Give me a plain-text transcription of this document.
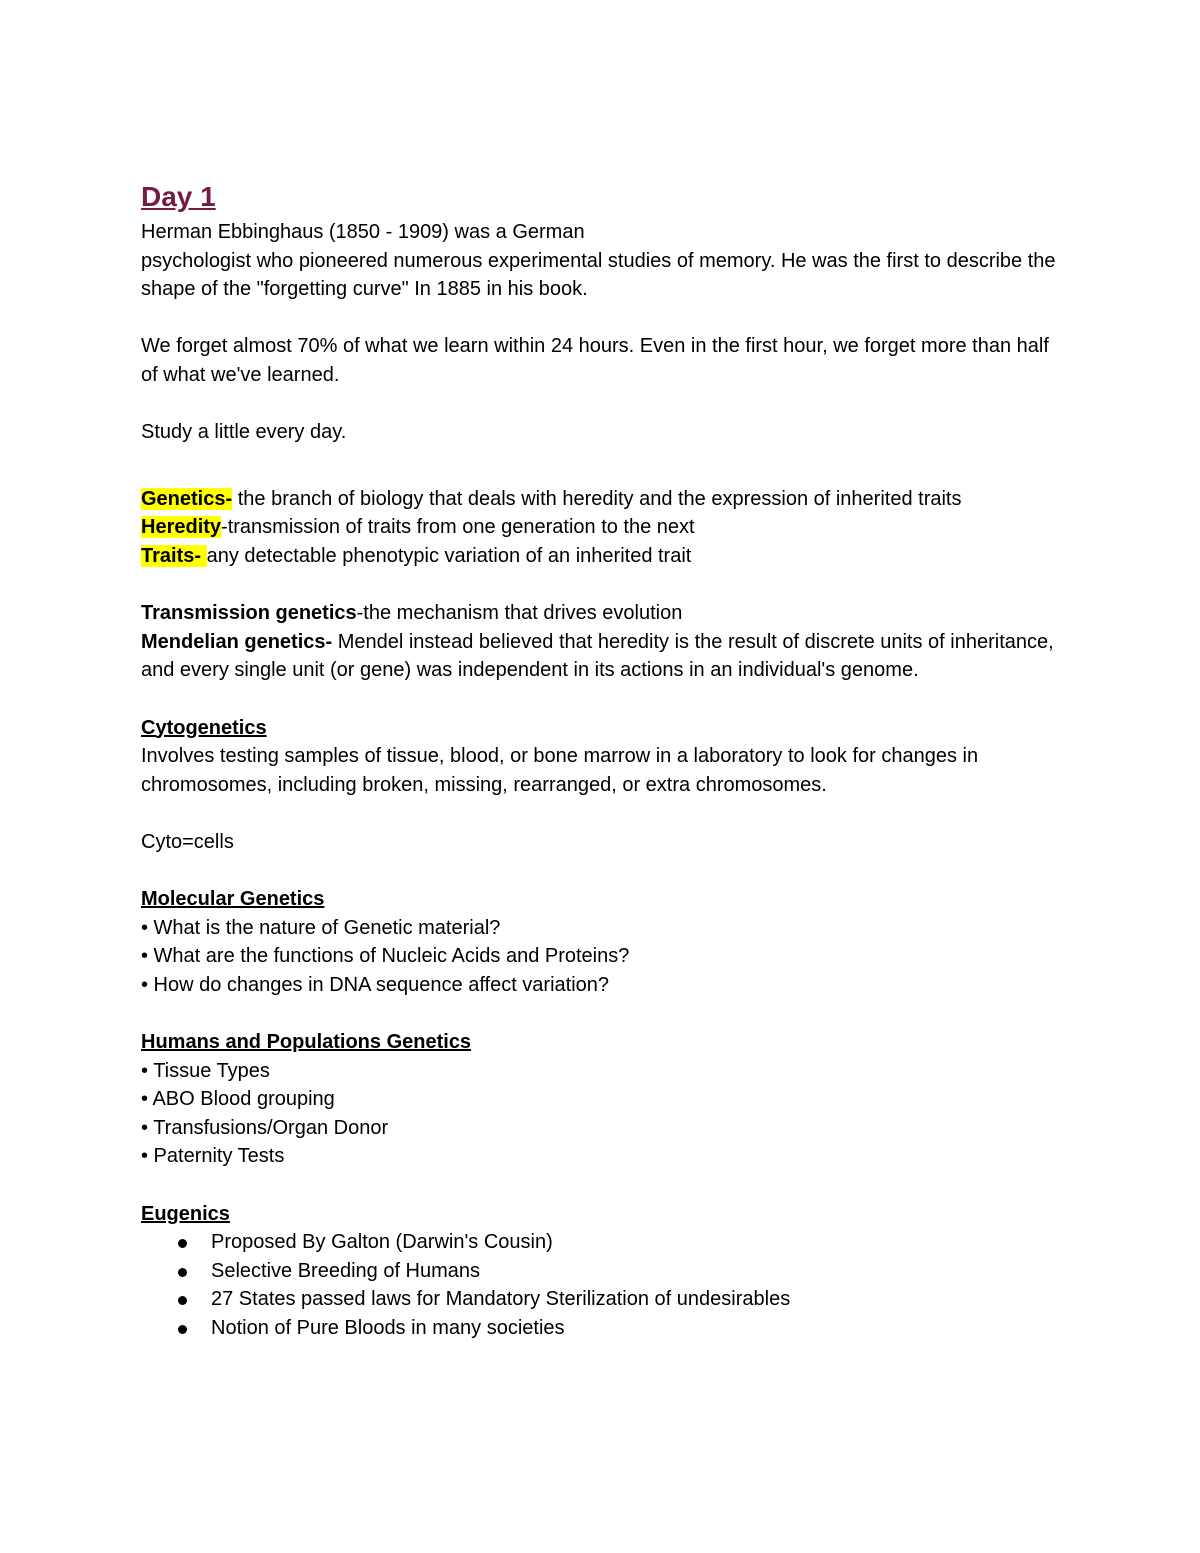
Day 1

Herman Ebbinghaus (1850 - 1909) was a German

psychologist who pioneered numerous experimental studies of memory. He was the first to describe the shape of the "forgetting curve" In 1885 in his book.

We forget almost 70% of what we learn within 24 hours. Even in the first hour, we forget more than half of what we've learned.

Study a little every day.

Genetics- the branch of biology that deals with heredity and the expression of inherited traits

Heredity-transmission of traits from one generation to the next

Traits- any detectable phenotypic variation of an inherited trait

Transmission genetics-the mechanism that drives evolution

Mendelian genetics- Mendel instead believed that heredity is the result of discrete units of inheritance, and every single unit (or gene) was independent in its actions in an individual's genome.

Cytogenetics

Involves testing samples of tissue, blood, or bone marrow in a laboratory to look for changes in chromosomes, including broken, missing, rearranged, or extra chromosomes.

Cyto=cells

Molecular Genetics

• What is the nature of Genetic material?
• What are the functions of Nucleic Acids and Proteins?
• How do changes in DNA sequence affect variation?

Humans and Populations Genetics

• Tissue Types
• ABO Blood grouping
• Transfusions/Organ Donor
• Paternity Tests

Eugenics

Proposed By Galton (Darwin's Cousin)
Selective Breeding of Humans
27 States passed laws for Mandatory Sterilization of undesirables
Notion of Pure Bloods in many societies
